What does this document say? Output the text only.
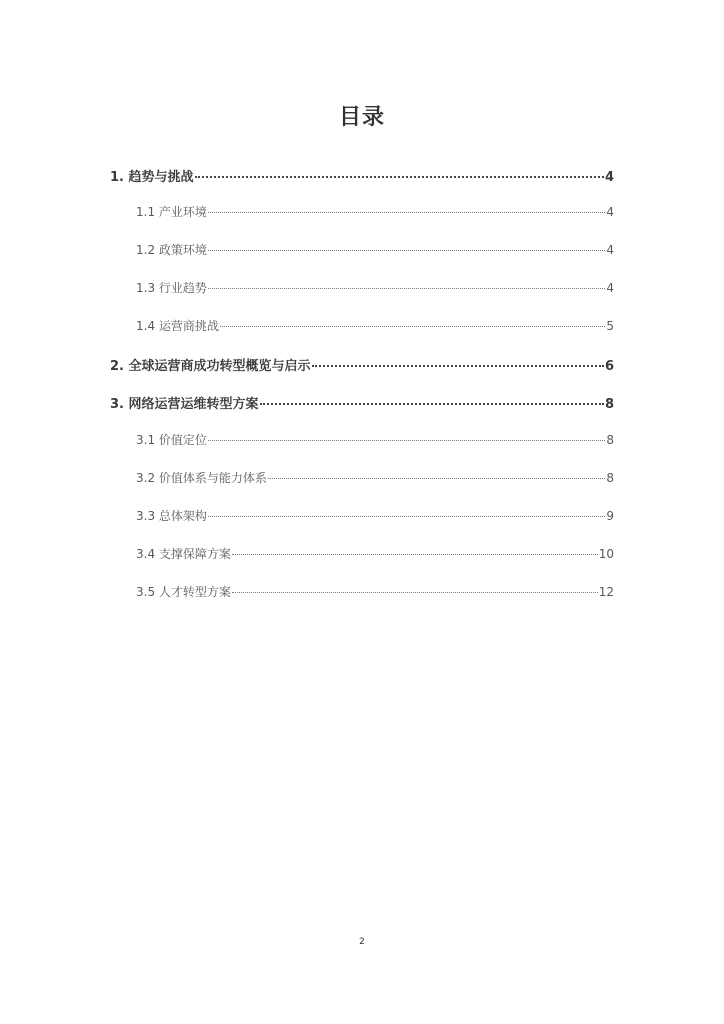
目录
1. 趋势与挑战	4
1.1 产业环境	4
1.2 政策环境	4
1.3 行业趋势	4
1.4 运营商挑战	5
2. 全球运营商成功转型概览与启示	6
3. 网络运营运维转型方案	8
3.1 价值定位	8
3.2 价值体系与能力体系	8
3.3 总体架构	9
3.4 支撑保障方案	10
3.5 人才转型方案	12
2
